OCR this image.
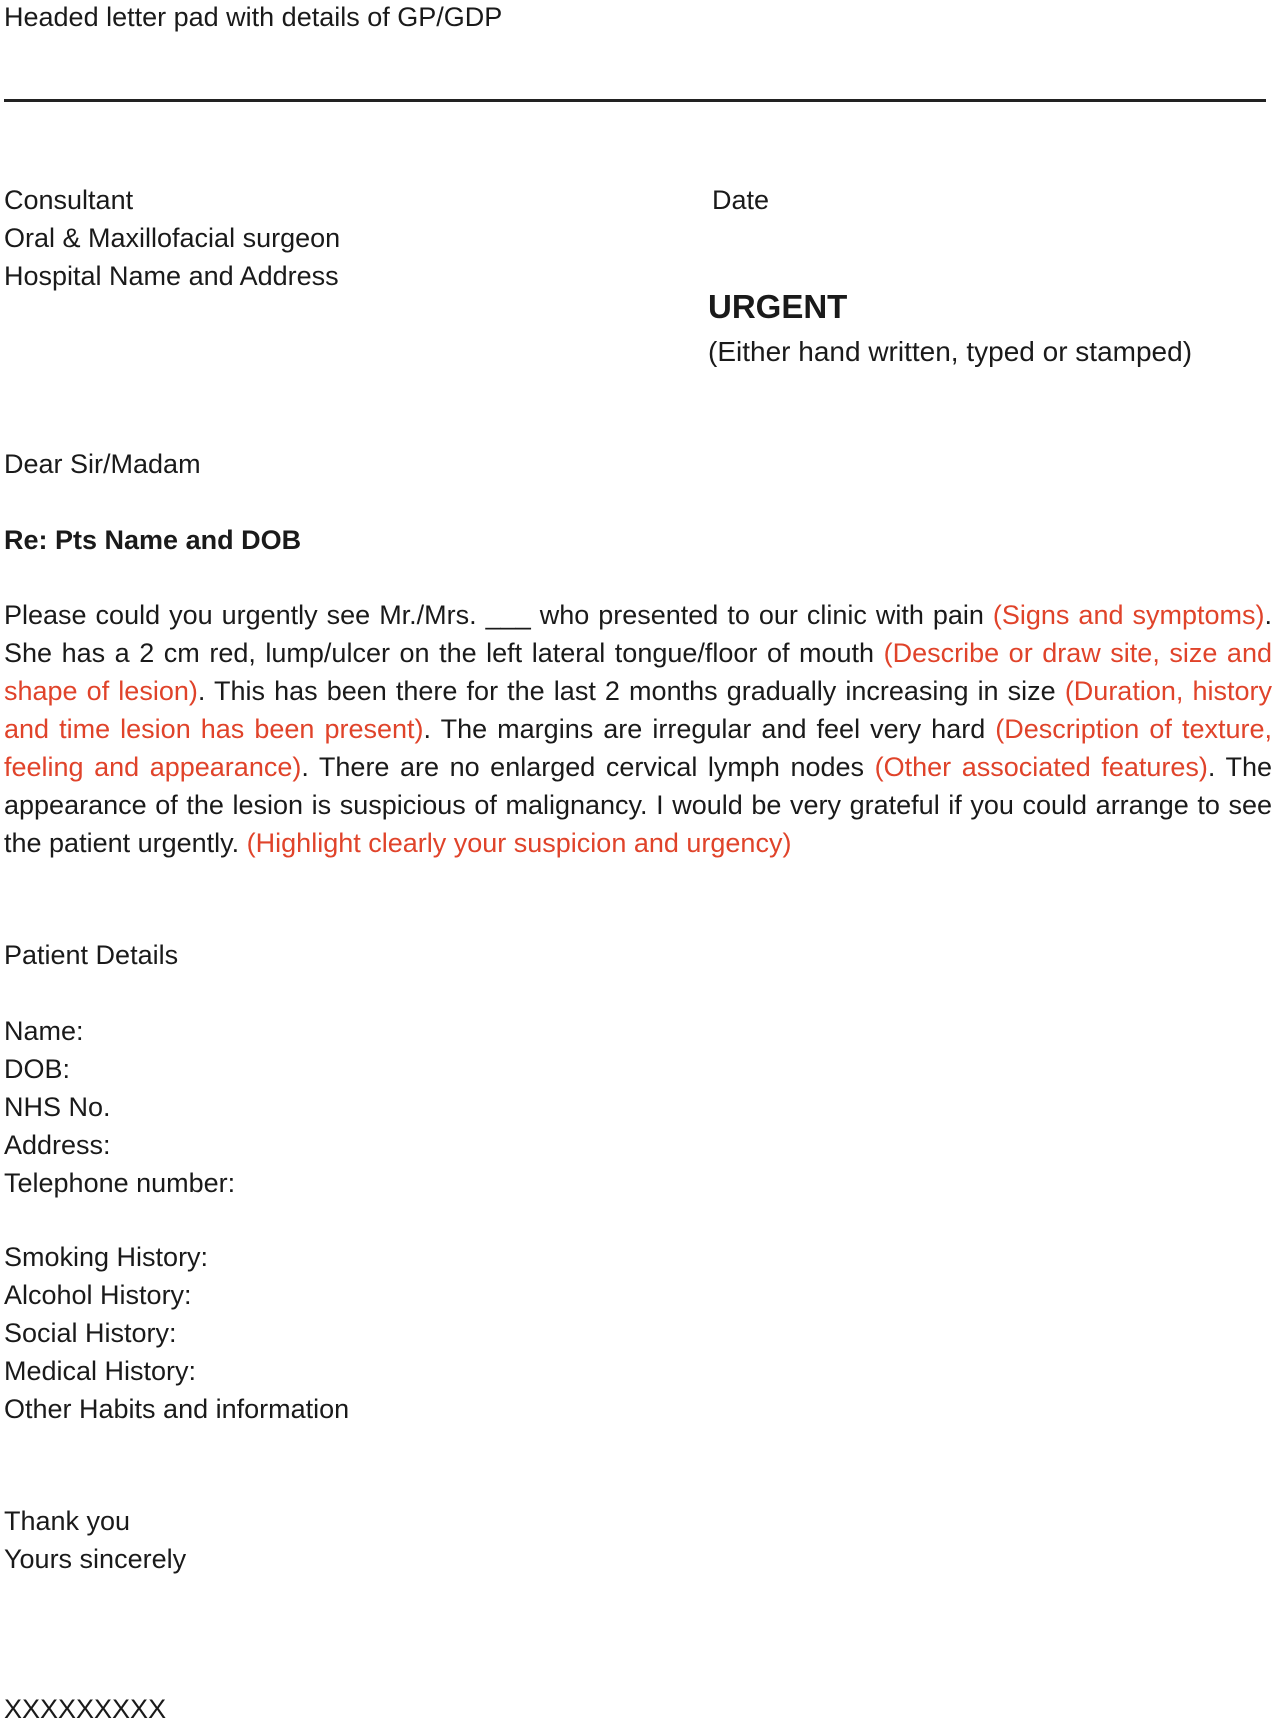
Headed letter pad with details of GP/GDP
Consultant
Oral & Maxillofacial surgeon
Hospital Name and Address
Date
URGENT
(Either hand written, typed or stamped)
Dear Sir/Madam
Re: Pts Name and DOB
Please could you urgently see Mr./Mrs. ___ who presented to our clinic with pain (Signs and symptoms). She has a 2 cm red, lump/ulcer on the left lateral tongue/floor of mouth (Describe or draw site, size and shape of lesion). This has been there for the last 2 months gradually increasing in size (Duration, history and time lesion has been present). The margins are irregular and feel very hard (Description of texture, feeling and appearance). There are no enlarged cervical lymph nodes (Other associated features). The appearance of the lesion is suspicious of malignancy. I would be very grateful if you could arrange to see the patient urgently. (Highlight clearly your suspicion and urgency)
Patient Details
Name:
DOB:
NHS No.
Address:
Telephone number:
Smoking History:
Alcohol History:
Social History:
Medical History:
Other Habits and information
Thank you
Yours sincerely
XXXXXXXXX
